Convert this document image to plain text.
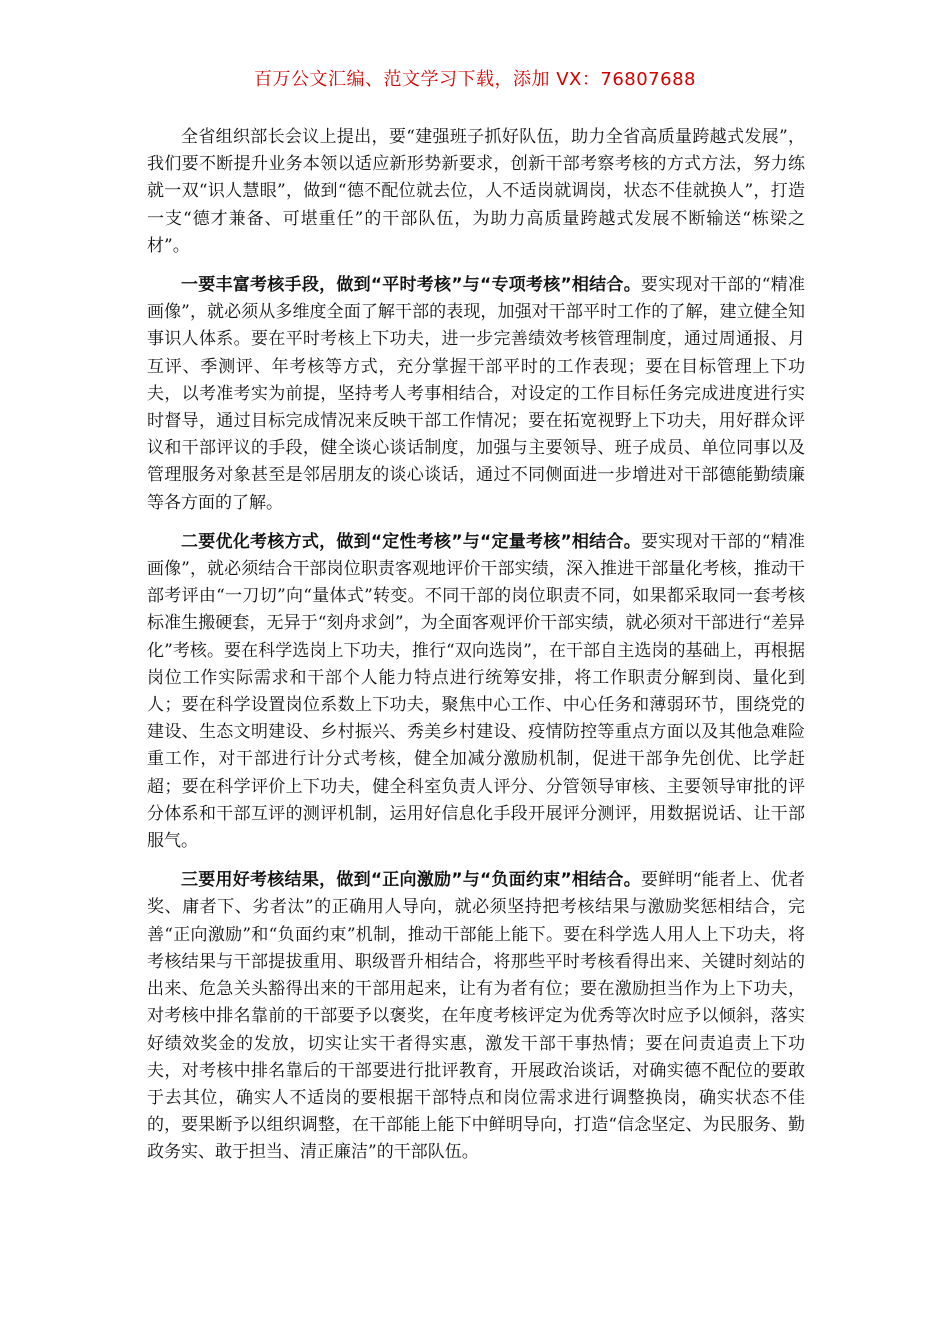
百万公文汇编、范文学习下载，添加 VX：76807688

全省组织部长会议上提出，要“建强班子抓好队伍，助力全省高质量跨越式发展”，我们要不断提升业务本领以适应新形势新要求，创新干部考察考核的方式方法，努力练就一双“识人慧眼”，做到“德不配位就去位，人不适岗就调岗，状态不佳就换人”，打造一支“德才兼备、可堪重任”的干部队伍，为助力高质量跨越式发展不断输送“栋梁之材”。

一要丰富考核手段，做到“平时考核”与“专项考核”相结合。要实现对干部的“精准画像”，就必须从多维度全面了解干部的表现，加强对干部平时工作的了解，建立健全知事识人体系。要在平时考核上下功夫，进一步完善绩效考核管理制度，通过周通报、月互评、季测评、年考核等方式，充分掌握干部平时的工作表现；要在目标管理上下功夫，以考准考实为前提，坚持考人考事相结合，对设定的工作目标任务完成进度进行实时督导，通过目标完成情况来反映干部工作情况；要在拓宽视野上下功夫，用好群众评议和干部评议的手段，健全谈心谈话制度，加强与主要领导、班子成员、单位同事以及管理服务对象甚至是邻居朋友的谈心谈话，通过不同侧面进一步增进对干部德能勤绩廉等各方面的了解。

二要优化考核方式，做到“定性考核”与“定量考核”相结合。要实现对干部的“精准画像”，就必须结合干部岗位职责客观地评价干部实绩，深入推进干部量化考核，推动干部考评由“一刀切”向“量体式”转变。不同干部的岗位职责不同，如果都采取同一套考核标准生搬硬套，无异于“刻舟求剑”，为全面客观评价干部实绩，就必须对干部进行“差异化”考核。要在科学选岗上下功夫，推行“双向选岗”，在干部自主选岗的基础上，再根据岗位工作实际需求和干部个人能力特点进行统筹安排，将工作职责分解到岗、量化到人；要在科学设置岗位系数上下功夫，聚焦中心工作、中心任务和薄弱环节，围绕党的建设、生态文明建设、乡村振兴、秀美乡村建设、疫情防控等重点方面以及其他急难险重工作，对干部进行计分式考核，健全加减分激励机制，促进干部争先创优、比学赶超；要在科学评价上下功夫，健全科室负责人评分、分管领导审核、主要领导审批的评分体系和干部互评的测评机制，运用好信息化手段开展评分测评，用数据说话、让干部服气。

三要用好考核结果，做到“正向激励”与“负面约束”相结合。要鲜明“能者上、优者奖、庸者下、劣者汰”的正确用人导向，就必须坚持把考核结果与激励奖惩相结合，完善“正向激励”和“负面约束”机制，推动干部能上能下。要在科学选人用人上下功夫，将考核结果与干部提拔重用、职级晋升相结合，将那些平时考核看得出来、关键时刻站的出来、危急关头豁得出来的干部用起来，让有为者有位；要在激励担当作为上下功夫，对考核中排名靠前的干部要予以褒奖，在年度考核评定为优秀等次时应予以倾斜，落实好绩效奖金的发放，切实让实干者得实惠，激发干部干事热情；要在问责追责上下功夫，对考核中排名靠后的干部要进行批评教育，开展政治谈话，对确实德不配位的要敢于去其位，确实人不适岗的要根据干部特点和岗位需求进行调整换岗，确实状态不佳的，要果断予以组织调整，在干部能上能下中鲜明导向，打造“信念坚定、为民服务、勤政务实、敢于担当、清正廉洁”的干部队伍。
